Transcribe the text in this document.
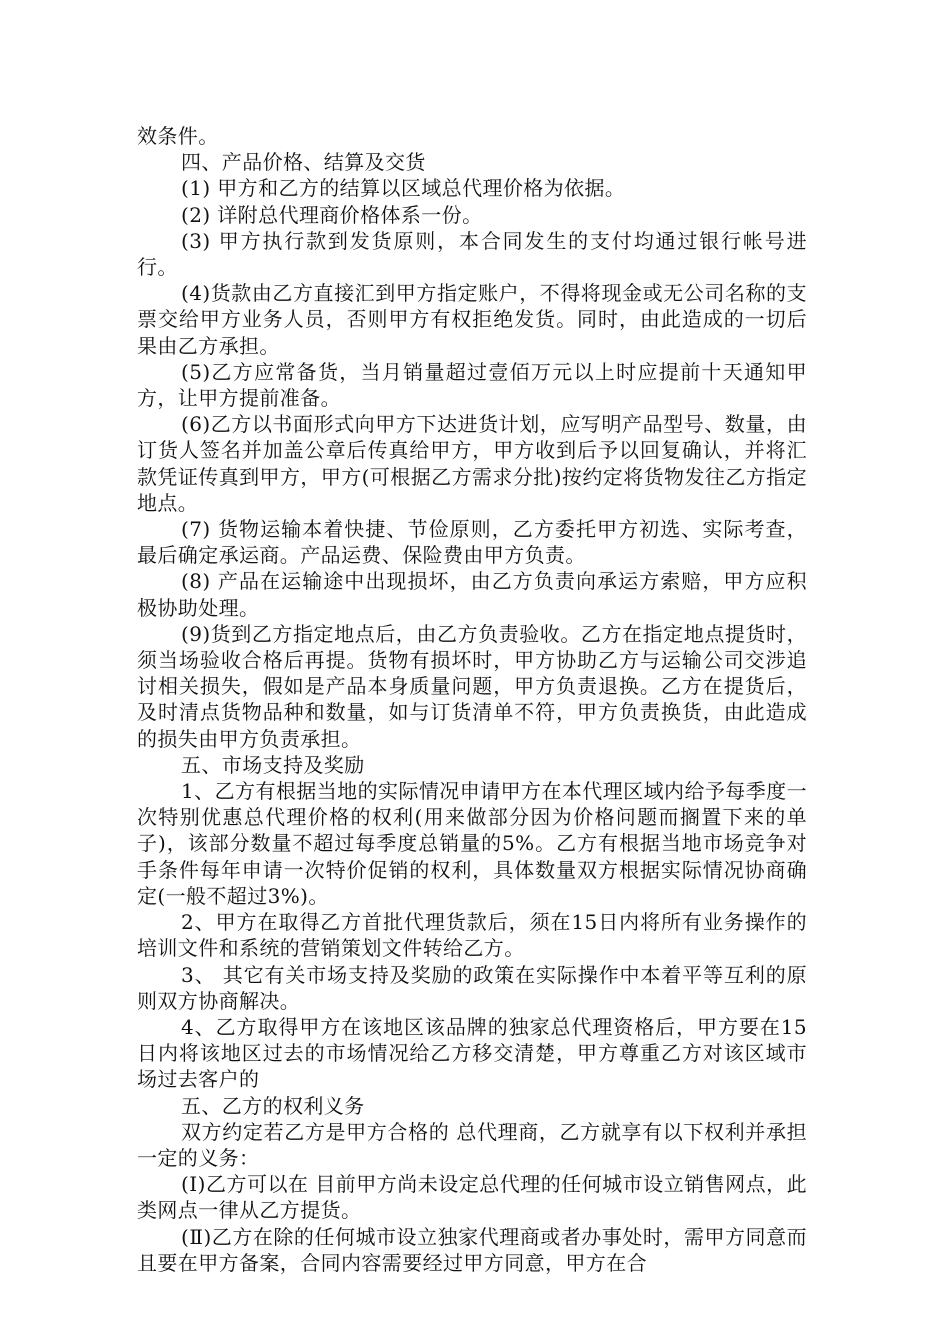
效条件。

四、产品价格、结算及交货

(1) 甲方和乙方的结算以区域总代理价格为依据。

(2) 详附总代理商价格体系一份。

(3) 甲方执行款到发货原则，本合同发生的支付均通过银行帐号进行。

(4)货款由乙方直接汇到甲方指定账户，不得将现金或无公司名称的支票交给甲方业务人员，否则甲方有权拒绝发货。同时，由此造成的一切后果由乙方承担。

(5)乙方应常备货，当月销量超过壹佰万元以上时应提前十天通知甲方，让甲方提前准备。

(6)乙方以书面形式向甲方下达进货计划，应写明产品型号、数量，由订货人签名并加盖公章后传真给甲方，甲方收到后予以回复确认，并将汇款凭证传真到甲方，甲方(可根据乙方需求分批)按约定将货物发往乙方指定地点。

(7) 货物运输本着快捷、节俭原则，乙方委托甲方初选、实际考查，最后确定承运商。产品运费、保险费由甲方负责。

(8) 产品在运输途中出现损坏，由乙方负责向承运方索赔，甲方应积极协助处理。

(9)货到乙方指定地点后，由乙方负责验收。乙方在指定地点提货时，须当场验收合格后再提。货物有损坏时，甲方协助乙方与运输公司交涉追讨相关损失，假如是产品本身质量问题，甲方负责退换。乙方在提货后，及时清点货物品种和数量，如与订货清单不符，甲方负责换货，由此造成的损失由甲方负责承担。

五、市场支持及奖励

1、乙方有根据当地的实际情况申请甲方在本代理区域内给予每季度一次特别优惠总代理价格的权利(用来做部分因为价格问题而搁置下来的单子)，该部分数量不超过每季度总销量的5%。乙方有根据当地市场竞争对手条件每年申请一次特价促销的权利，具体数量双方根据实际情况协商确定(一般不超过3%)。

2、甲方在取得乙方首批代理货款后，须在15日内将所有业务操作的培训文件和系统的营销策划文件转给乙方。

3、 其它有关市场支持及奖励的政策在实际操作中本着平等互利的原则双方协商解决。

4、乙方取得甲方在该地区该品牌的独家总代理资格后，甲方要在15日内将该地区过去的市场情况给乙方移交清楚，甲方尊重乙方对该区域市场过去客户的

五、乙方的权利义务

双方约定若乙方是甲方合格的 总代理商，乙方就享有以下权利并承担一定的义务：

(Ⅰ)乙方可以在 目前甲方尚未设定总代理的任何城市设立销售网点，此类网点一律从乙方提货。

(Ⅱ)乙方在除的任何城市设立独家代理商或者办事处时，需甲方同意而且要在甲方备案，合同内容需要经过甲方同意，甲方在合
